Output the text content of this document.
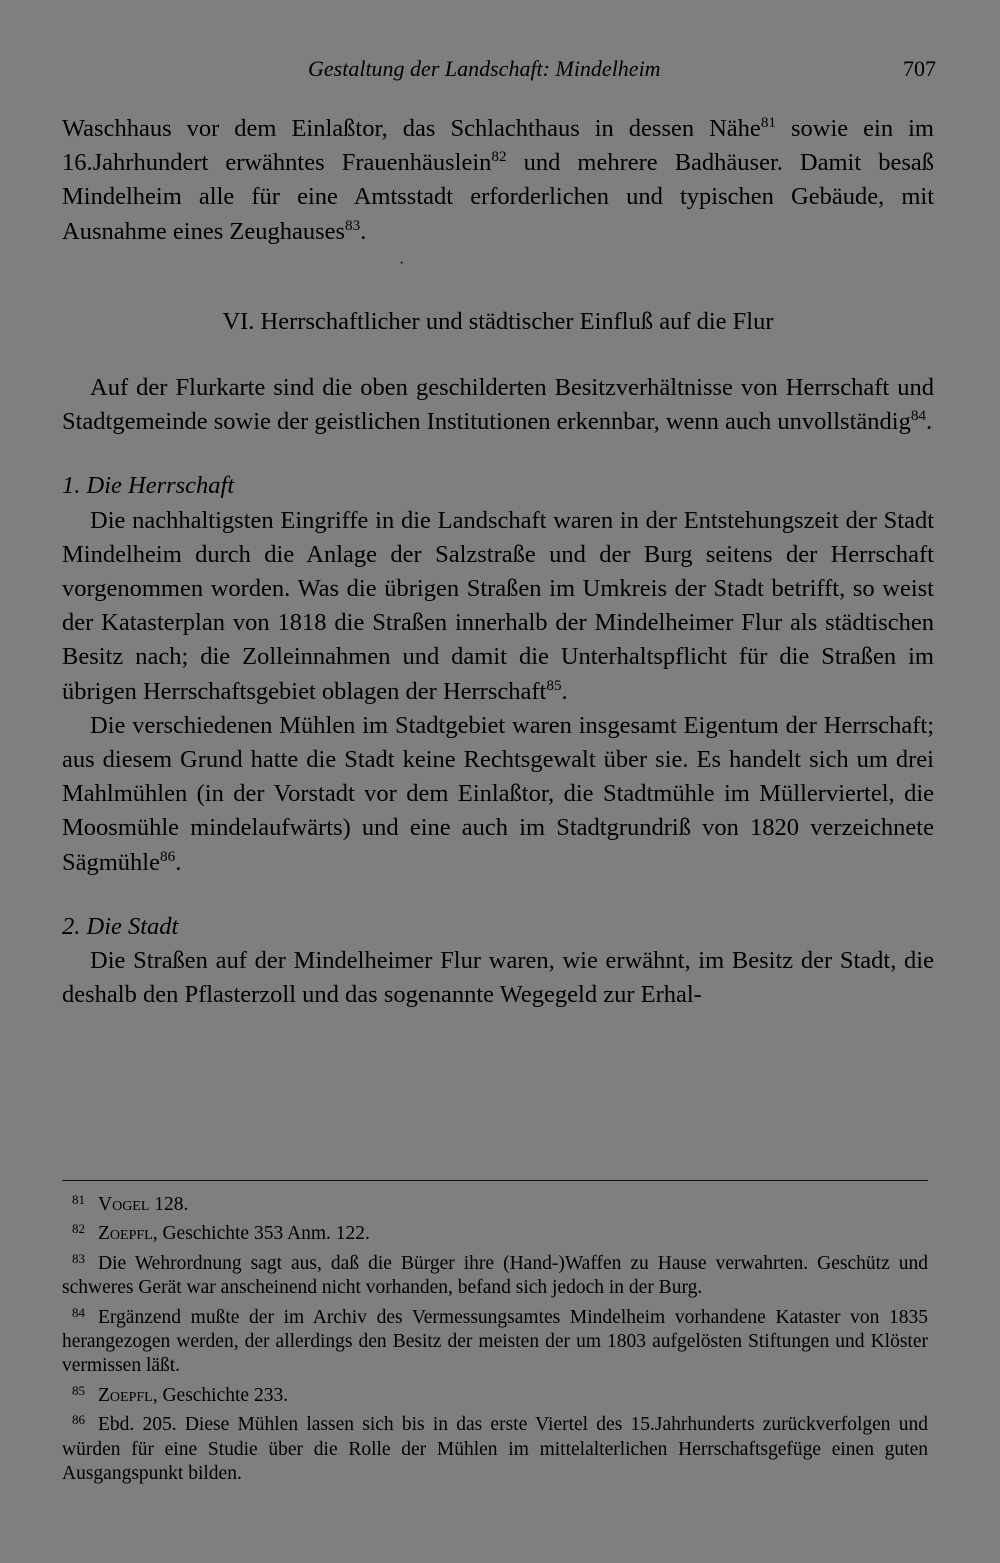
Gestaltung der Landschaft: Mindelheim	707

Waschhaus vor dem Einlaßtor, das Schlachthaus in dessen Nähe$^{81}$ sowie ein im 16.Jahrhundert erwähntes Frauenhäuslein$^{82}$ und mehrere Badhäuser. Damit besaß Mindelheim alle für eine Amtsstadt erforderlichen und typischen Gebäude, mit Ausnahme eines Zeughauses$^{83}$.

·

VI. Herrschaftlicher und städtischer Einfluß auf die Flur

Auf der Flurkarte sind die oben geschilderten Besitzverhältnisse von Herrschaft und Stadtgemeinde sowie der geistlichen Institutionen erkennbar, wenn auch unvollständig$^{84}$.

1. Die Herrschaft

Die nachhaltigsten Eingriffe in die Landschaft waren in der Entstehungszeit der Stadt Mindelheim durch die Anlage der Salzstraße und der Burg seitens der Herrschaft vorgenommen worden. Was die übrigen Straßen im Umkreis der Stadt betrifft, so weist der Katasterplan von 1818 die Straßen innerhalb der Mindelheimer Flur als städtischen Besitz nach; die Zolleinnahmen und damit die Unterhaltspflicht für die Straßen im übrigen Herrschaftsgebiet oblagen der Herrschaft$^{85}$.

Die verschiedenen Mühlen im Stadtgebiet waren insgesamt Eigentum der Herrschaft; aus diesem Grund hatte die Stadt keine Rechtsgewalt über sie. Es handelt sich um drei Mahlmühlen (in der Vorstadt vor dem Einlaßtor, die Stadtmühle im Müllerviertel, die Moosmühle mindelaufwärts) und eine auch im Stadtgrundriß von 1820 verzeichnete Sägmühle$^{86}$.

2. Die Stadt

Die Straßen auf der Mindelheimer Flur waren, wie erwähnt, im Besitz der Stadt, die deshalb den Pflasterzoll und das sogenannte Wegegeld zur Erhal-

81 Vogel 128.

82 Zoepfl, Geschichte 353 Anm. 122.

83 Die Wehrordnung sagt aus, daß die Bürger ihre (Hand-)Waffen zu Hause verwahrten. Geschütz und schweres Gerät war anscheinend nicht vorhanden, befand sich jedoch in der Burg.

84 Ergänzend mußte der im Archiv des Vermessungsamtes Mindelheim vorhandene Kataster von 1835 herangezogen werden, der allerdings den Besitz der meisten der um 1803 aufgelösten Stiftungen und Klöster vermissen läßt.

85 Zoepfl, Geschichte 233.

86 Ebd. 205. Diese Mühlen lassen sich bis in das erste Viertel des 15.Jahrhunderts zurückverfolgen und würden für eine Studie über die Rolle der Mühlen im mittelalterlichen Herrschaftsgefüge einen guten Ausgangspunkt bilden.
